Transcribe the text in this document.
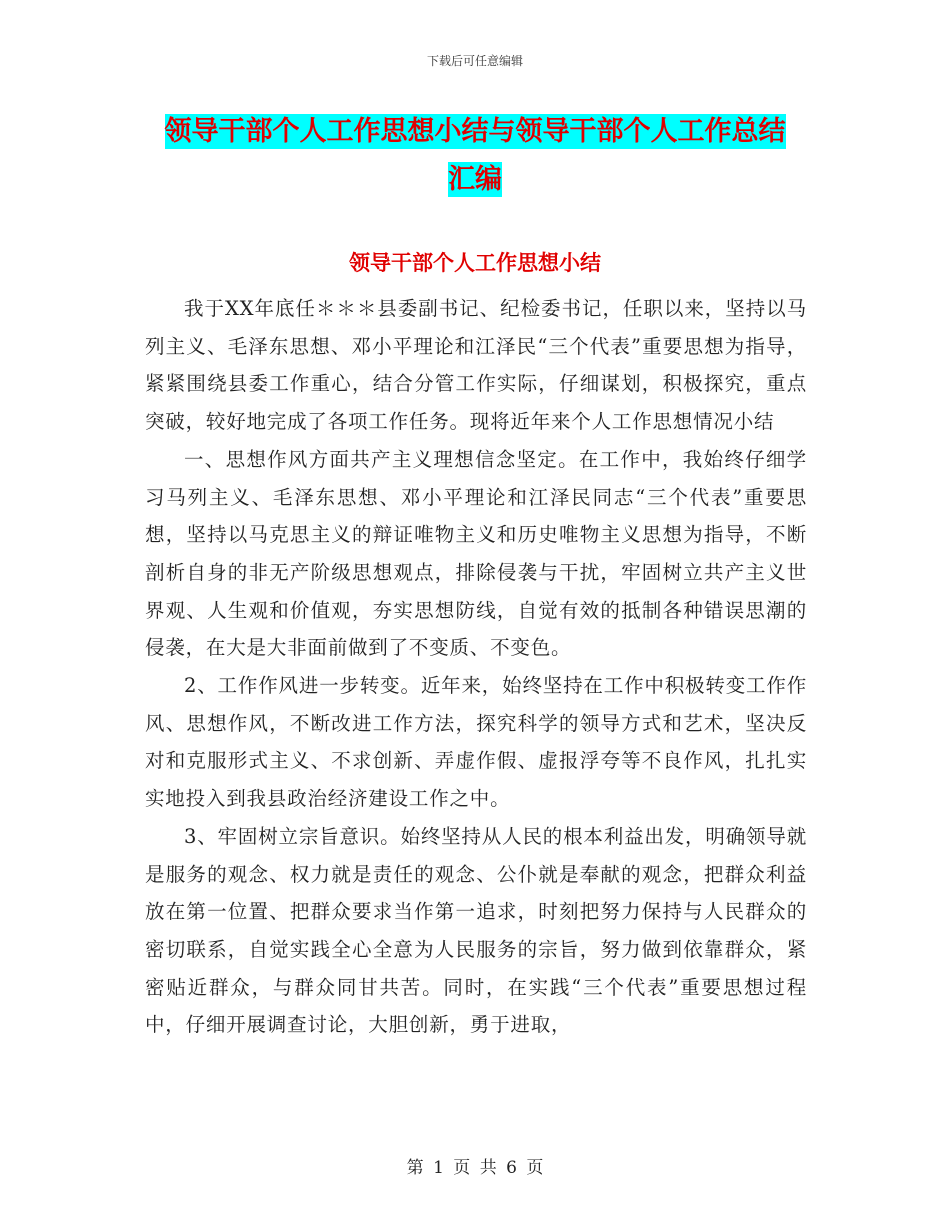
下载后可任意编辑
领导干部个人工作思想小结与领导干部个人工作总结
汇编
领导干部个人工作思想小结

我于XX年底任＊＊＊县委副书记、纪检委书记，任职以来，坚持以马列主义、毛泽东思想、邓小平理论和江泽民“三个代表”重要思想为指导，紧紧围绕县委工作重心，结合分管工作实际，仔细谋划，积极探究，重点突破，较好地完成了各项工作任务。现将近年来个人工作思想情况小结

一、思想作风方面共产主义理想信念坚定。在工作中，我始终仔细学习马列主义、毛泽东思想、邓小平理论和江泽民同志“三个代表”重要思想，坚持以马克思主义的辩证唯物主义和历史唯物主义思想为指导，不断剖析自身的非无产阶级思想观点，排除侵袭与干扰，牢固树立共产主义世界观、人生观和价值观，夯实思想防线，自觉有效的抵制各种错误思潮的侵袭，在大是大非面前做到了不变质、不变色。

2、工作作风进一步转变。近年来，始终坚持在工作中积极转变工作作风、思想作风，不断改进工作方法，探究科学的领导方式和艺术，坚决反对和克服形式主义、不求创新、弄虚作假、虚报浮夸等不良作风，扎扎实实地投入到我县政治经济建设工作之中。

3、牢固树立宗旨意识。始终坚持从人民的根本利益出发，明确领导就是服务的观念、权力就是责任的观念、公仆就是奉献的观念，把群众利益放在第一位置、把群众要求当作第一追求，时刻把努力保持与人民群众的密切联系，自觉实践全心全意为人民服务的宗旨，努力做到依靠群众，紧密贴近群众，与群众同甘共苦。同时，在实践“三个代表”重要思想过程中，仔细开展调查讨论，大胆创新，勇于进取，

第 1 页 共 6 页
